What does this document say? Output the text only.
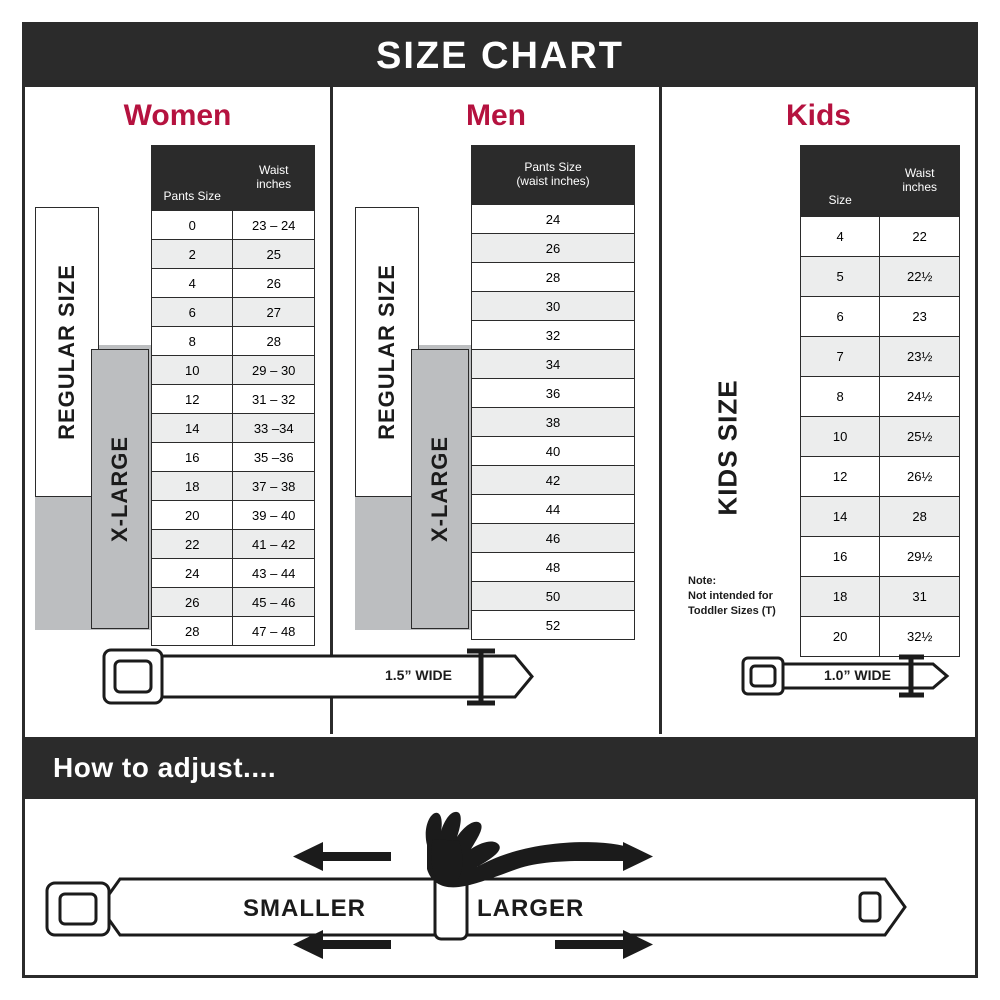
SIZE CHART
Women	Men	Kids
REGULAR SIZE
X-LARGE
Pants Size	Waist
inches

0	23 – 24
2	25
4	26
6	27
8	28
10	29 – 30
12	31 – 32
14	33 –34
16	35 –36
18	37 – 38
20	39 – 40
22	41 – 42
24	43 – 44
26	45 – 46
28	47 – 48
REGULAR SIZE
X-LARGE
Pants Size
(waist inches)

24
26
28
30
32
34
36
38
40
42
44
46
48
50
52
KIDS SIZE
Note:
Not intended for
Toddler Sizes (T)
Size	Waist
inches

4	22
5	22½
6	23
7	23½
8	24½
10	25½
12	26½
14	28
16	29½
18	31
20	32½
1.5” WIDE	1.0” WIDE
How to adjust....
SMALLER	LARGER
